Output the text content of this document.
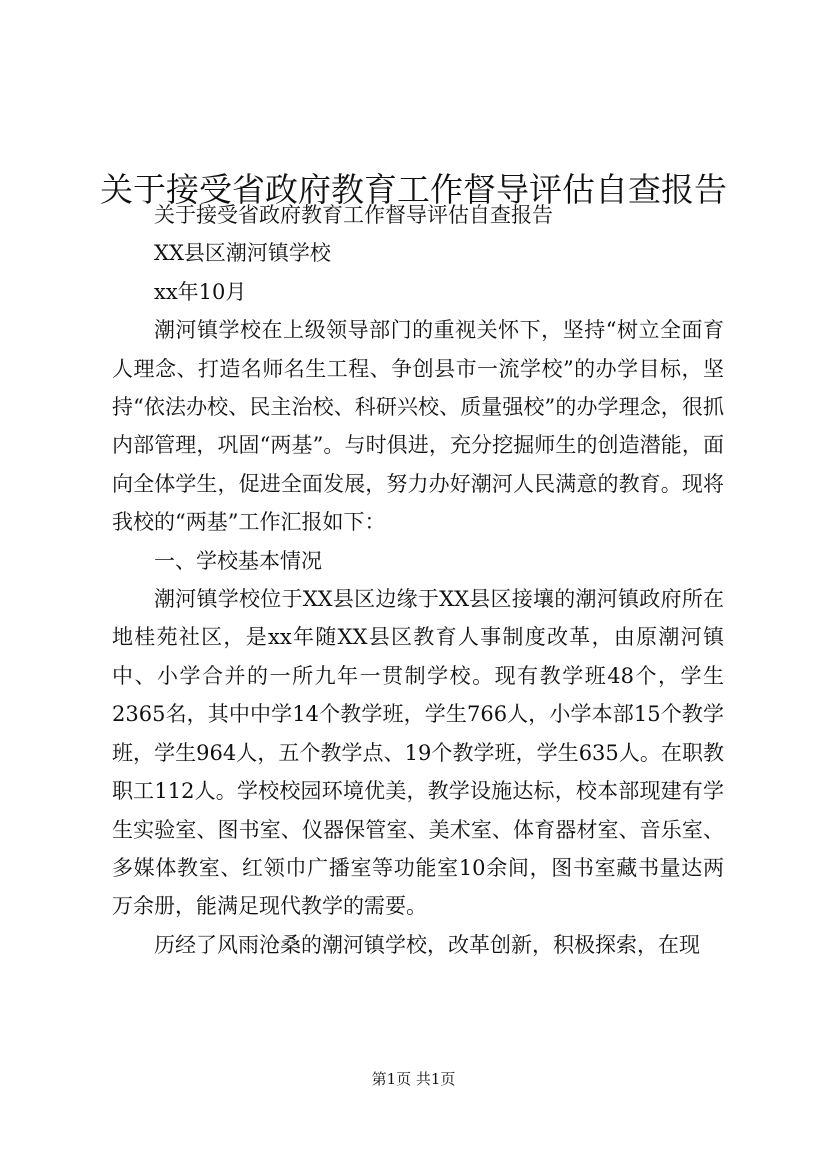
关于接受省政府教育工作督导评估自查报告

关于接受省政府教育工作督导评估自查报告

XX县区潮河镇学校

xx年10月

潮河镇学校在上级领导部门的重视关怀下，坚持“树立全面育人理念、打造名师名生工程、争创县市一流学校”的办学目标，坚持“依法办校、民主治校、科研兴校、质量强校”的办学理念，很抓内部管理，巩固“两基”。与时俱进，充分挖掘师生的创造潜能，面向全体学生，促进全面发展，努力办好潮河人民满意的教育。现将我校的“两基”工作汇报如下：

一、学校基本情况

潮河镇学校位于XX县区边缘于XX县区接壤的潮河镇政府所在地桂苑社区，是xx年随XX县区教育人事制度改革，由原潮河镇中、小学合并的一所九年一贯制学校。现有教学班48个，学生2365名，其中中学14个教学班，学生766人，小学本部15个教学班，学生964人，五个教学点、19个教学班，学生635人。在职教职工112人。学校校园环境优美，教学设施达标，校本部现建有学生实验室、图书室、仪器保管室、美术室、体育器材室、音乐室、多媒体教室、红领巾广播室等功能室10余间，图书室藏书量达两万余册，能满足现代教学的需要。

历经了风雨沧桑的潮河镇学校，改革创新，积极探索，在现

第1页 共1页
